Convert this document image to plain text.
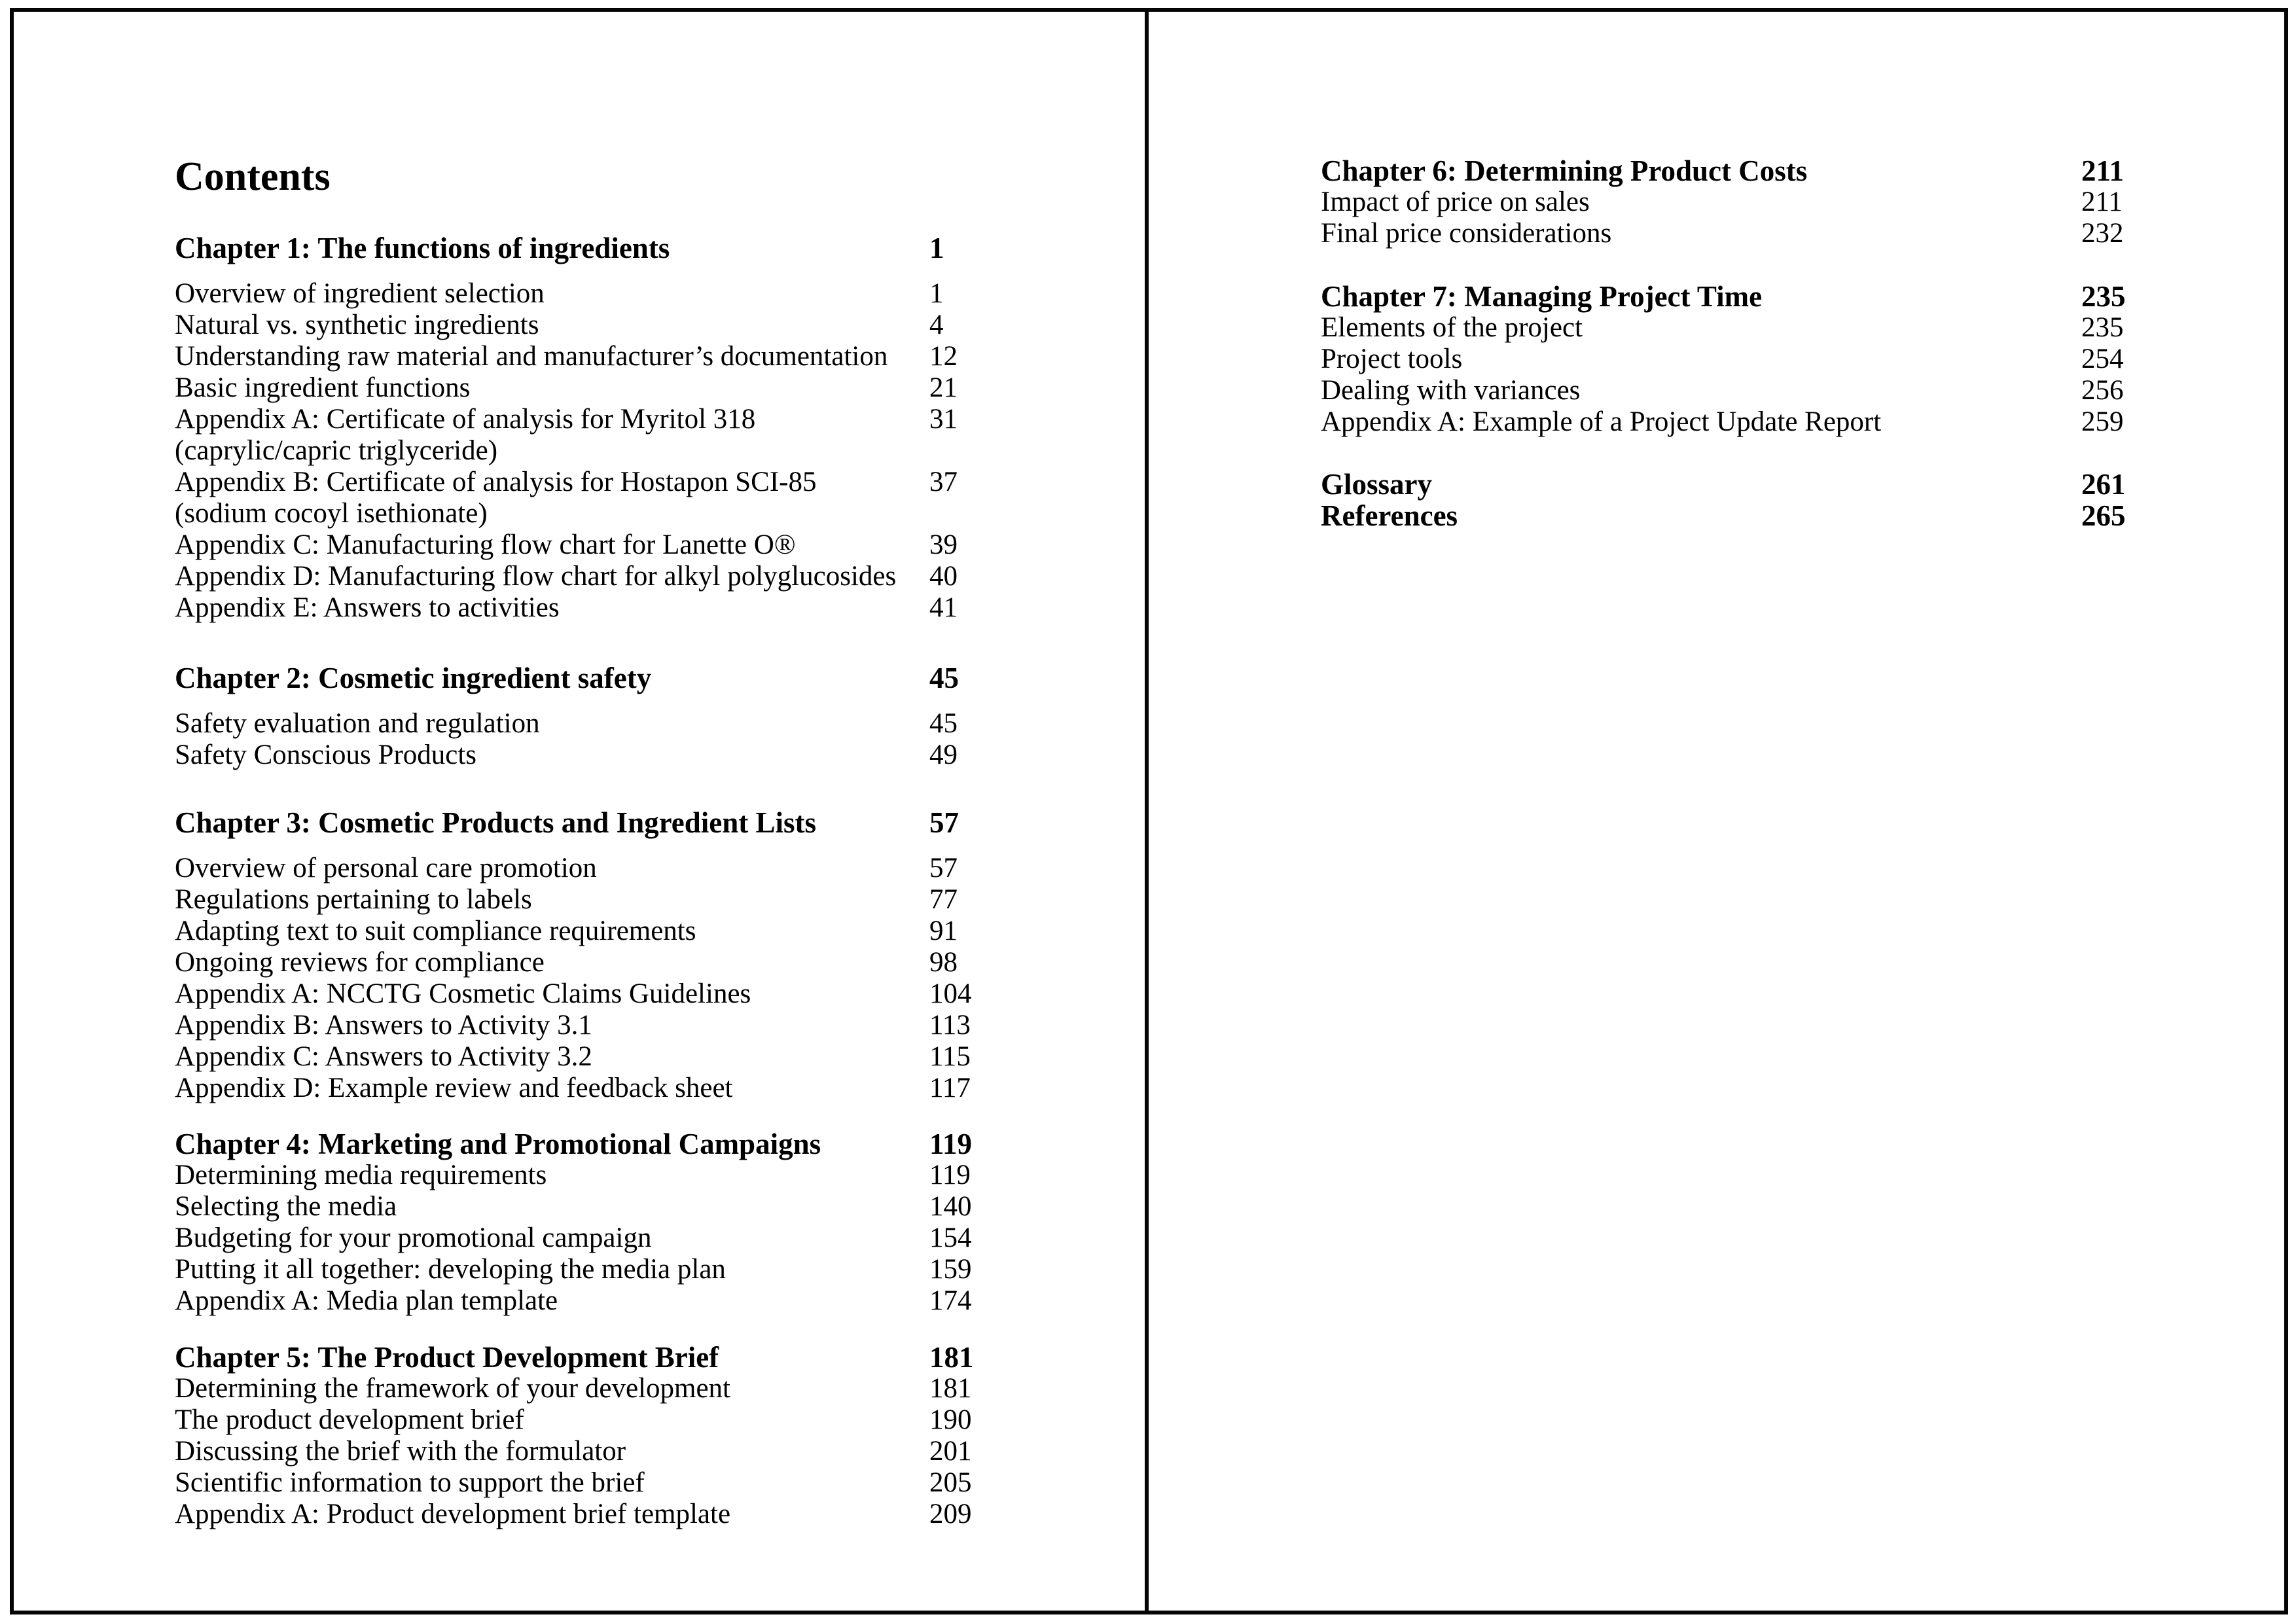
Contents
Chapter 1: The functions of ingredients	1
Overview of ingredient selection	1
Natural vs. synthetic ingredients	4
Understanding raw material and manufacturer’s documentation 12
Basic ingredient functions	21
Appendix A: Certificate of analysis for Myritol 318	31
(caprylic/capric triglyceride)
Appendix B: Certificate of analysis for Hostapon SCI-85	37
(sodium cocoyl isethionate)
Appendix C: Manufacturing flow chart for Lanette O®	39
Appendix D: Manufacturing flow chart for alkyl polyglucosides 40
Appendix E: Answers to activities	41
Chapter 2: Cosmetic ingredient safety	45
Safety evaluation and regulation	45
Safety Conscious Products	49
Chapter 3: Cosmetic Products and Ingredient Lists	57
Overview of personal care promotion	57
Regulations pertaining to labels	77
Adapting text to suit compliance requirements	91
Ongoing reviews for compliance	98
Appendix A: NCCTG Cosmetic Claims Guidelines	104
Appendix B: Answers to Activity 3.1	113
Appendix C: Answers to Activity 3.2	115
Appendix D: Example review and feedback sheet	117
Chapter 4: Marketing and Promotional Campaigns	119
Determining media requirements	119
Selecting the media	140
Budgeting for your promotional campaign	154
Putting it all together: developing the media plan	159
Appendix A: Media plan template	174
Chapter 5: The Product Development Brief	181
Determining the framework of your development	181
The product development brief	190
Discussing the brief with the formulator	201
Scientific information to support the brief	205
Appendix A: Product development brief template	209
Chapter 6: Determining Product Costs	211
Impact of price on sales	211
Final price considerations	232
Chapter 7: Managing Project Time	235
Elements of the project	235
Project tools	254
Dealing with variances	256
Appendix A: Example of a Project Update Report	259
Glossary	261
References	265
